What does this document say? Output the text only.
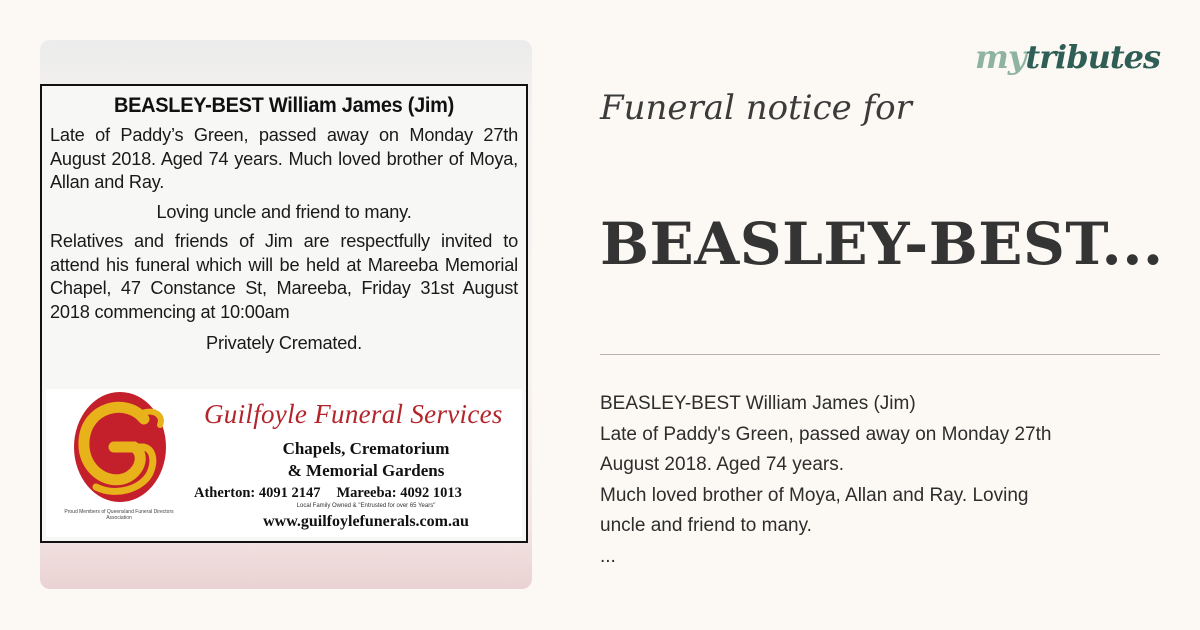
BEASLEY-BEST William James (Jim)
Late of Paddy’s Green, passed away on Monday 27th August 2018. Aged 74 years. Much loved brother of Moya, Allan and Ray.
Loving uncle and friend to many.
Relatives and friends of Jim are respectfully invited to attend his funeral which will be held at Mareeba Memorial Chapel, 47 Constance St, Mareeba, Friday 31st August 2018 commencing at 10:00am
Privately Cremated.
Proud Members of Queensland Funeral Directors Association
Guilfoyle Funeral Services
Chapels, Crematorium
& Memorial Gardens
Atherton: 4091 2147 Mareeba: 4092 1013
Local Family Owned & "Entrusted for over 65 Years"
www.guilfoylefunerals.com.au
mytributes
Funeral notice for
BEASLEY-BEST...
BEASLEY-BEST William James (Jim)
Late of Paddy's Green, passed away on Monday 27th
August 2018. Aged 74 years.
Much loved brother of Moya, Allan and Ray. Loving
uncle and friend to many.
...
